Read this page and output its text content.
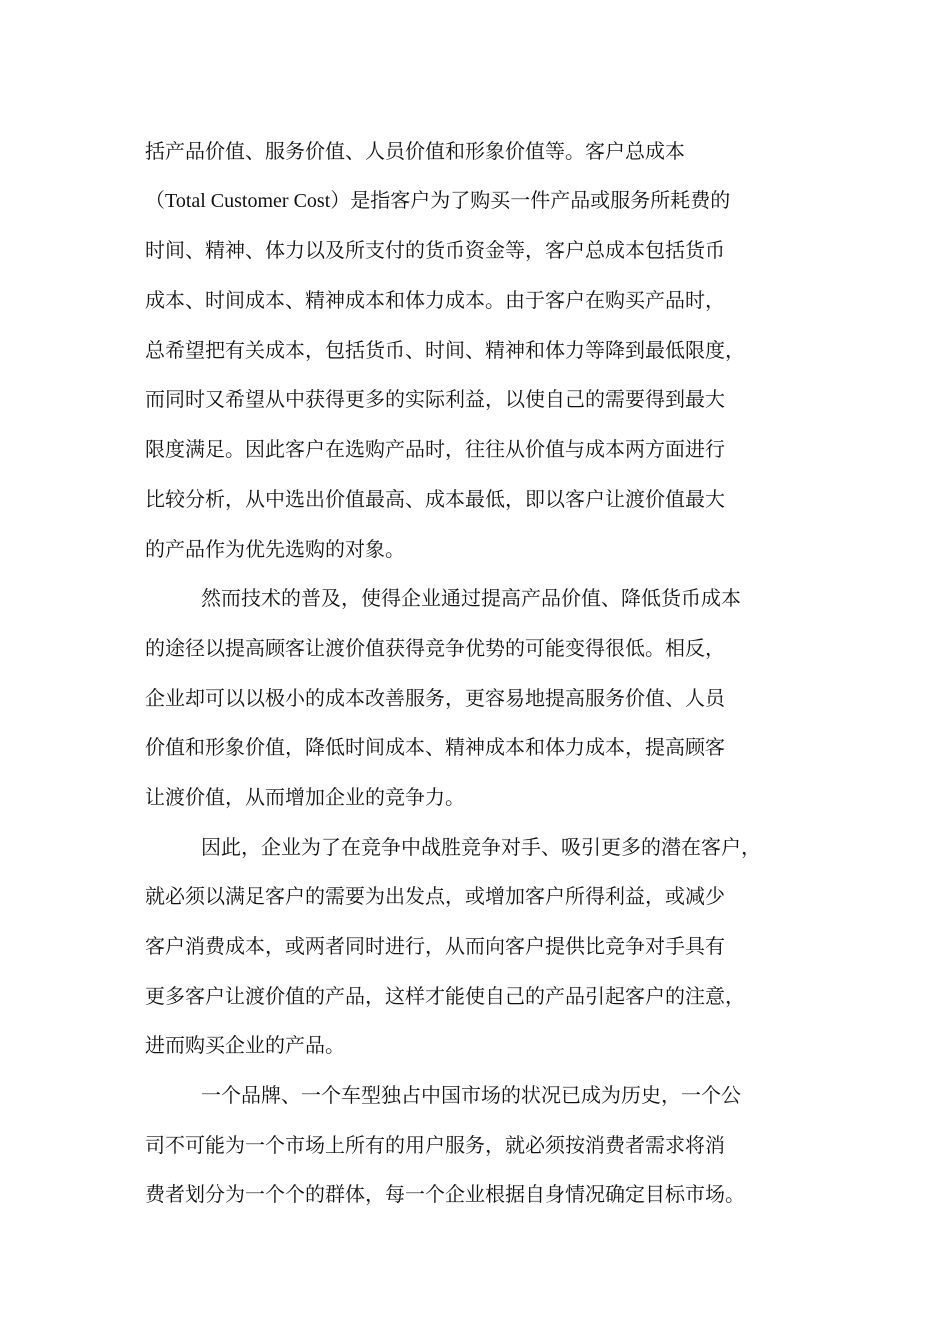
括产品价值、服务价值、人员价值和形象价值等。客户总成本
（Total Customer Cost）是指客户为了购买一件产品或服务所耗费的
时间、精神、体力以及所支付的货币资金等，客户总成本包括货币
成本、时间成本、精神成本和体力成本。由于客户在购买产品时，
总希望把有关成本，包括货币、时间、精神和体力等降到最低限度，
而同时又希望从中获得更多的实际利益，以使自己的需要得到最大
限度满足。因此客户在选购产品时，往往从价值与成本两方面进行
比较分析，从中选出价值最高、成本最低，即以客户让渡价值最大
的产品作为优先选购的对象。
然而技术的普及，使得企业通过提高产品价值、降低货币成本
的途径以提高顾客让渡价值获得竞争优势的可能变得很低。相反，
企业却可以以极小的成本改善服务，更容易地提高服务价值、人员
价值和形象价值，降低时间成本、精神成本和体力成本，提高顾客
让渡价值，从而增加企业的竞争力。
因此，企业为了在竞争中战胜竞争对手、吸引更多的潜在客户，
就必须以满足客户的需要为出发点，或增加客户所得利益，或减少
客户消费成本，或两者同时进行，从而向客户提供比竞争对手具有
更多客户让渡价值的产品，这样才能使自己的产品引起客户的注意，
进而购买企业的产品。
一个品牌、一个车型独占中国市场的状况已成为历史，一个公
司不可能为一个市场上所有的用户服务，就必须按消费者需求将消
费者划分为一个个的群体，每一个企业根据自身情况确定目标市场。
